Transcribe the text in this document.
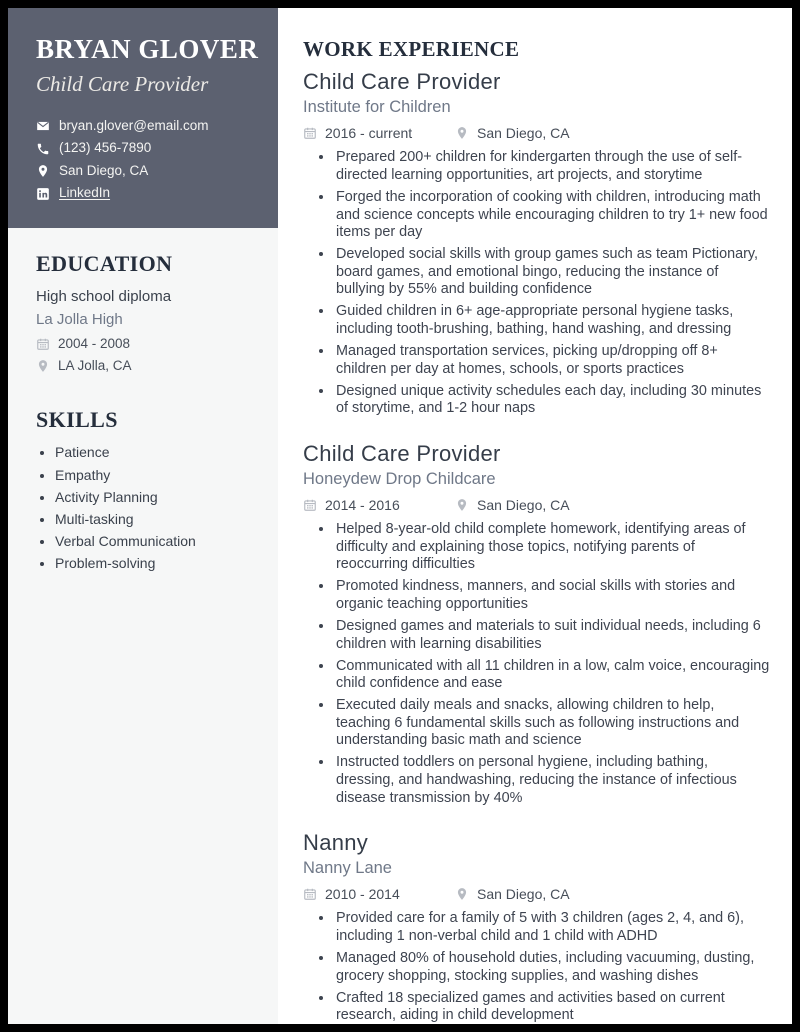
BRYAN GLOVER
Child Care Provider
bryan.glover@email.com
(123) 456-7890
San Diego, CA
LinkedIn
EDUCATION
High school diploma
La Jolla High
2004 - 2008
LA Jolla, CA
SKILLS
• Patience
• Empathy
• Activity Planning
• Multi-tasking
• Verbal Communication
• Problem-solving
WORK EXPERIENCE
Child Care Provider
Institute for Children
2016 - current	San Diego, CA
• Prepared 200+ children for kindergarten through the use of self-directed learning opportunities, art projects, and storytime
• Forged the incorporation of cooking with children, introducing math and science concepts while encouraging children to try 1+ new food items per day
• Developed social skills with group games such as team Pictionary, board games, and emotional bingo, reducing the instance of bullying by 55% and building confidence
• Guided children in 6+ age-appropriate personal hygiene tasks, including tooth-brushing, bathing, hand washing, and dressing
• Managed transportation services, picking up/dropping off 8+ children per day at homes, schools, or sports practices
• Designed unique activity schedules each day, including 30 minutes of storytime, and 1-2 hour naps
Child Care Provider
Honeydew Drop Childcare
2014 - 2016	San Diego, CA
• Helped 8-year-old child complete homework, identifying areas of difficulty and explaining those topics, notifying parents of reoccurring difficulties
• Promoted kindness, manners, and social skills with stories and organic teaching opportunities
• Designed games and materials to suit individual needs, including 6 children with learning disabilities
• Communicated with all 11 children in a low, calm voice, encouraging child confidence and ease
• Executed daily meals and snacks, allowing children to help, teaching 6 fundamental skills such as following instructions and understanding basic math and science
• Instructed toddlers on personal hygiene, including bathing, dressing, and handwashing, reducing the instance of infectious disease transmission by 40%
Nanny
Nanny Lane
2010 - 2014	San Diego, CA
• Provided care for a family of 5 with 3 children (ages 2, 4, and 6), including 1 non-verbal child and 1 child with ADHD
• Managed 80% of household duties, including vacuuming, dusting, grocery shopping, stocking supplies, and washing dishes
• Crafted 18 specialized games and activities based on current research, aiding in child development
